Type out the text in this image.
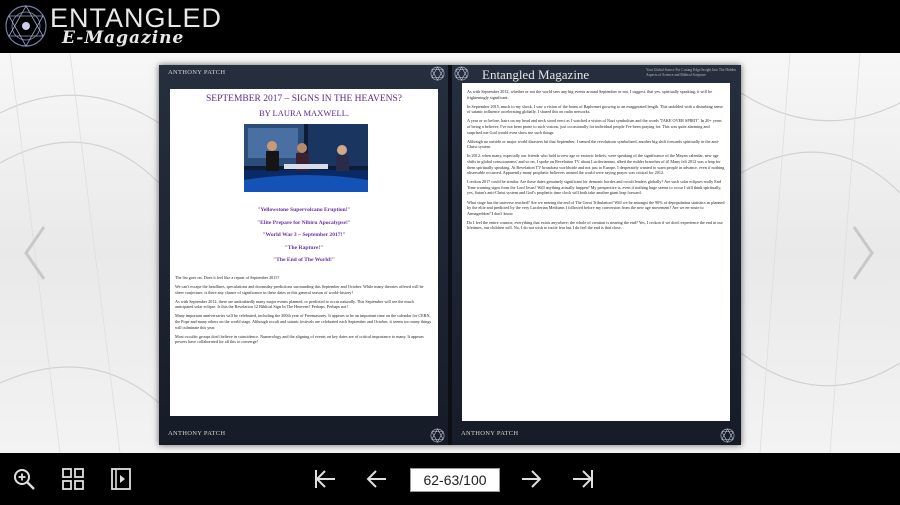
ENTANGLED
E-Magazine
ANTHONY PATCH
SEPTEMBER 2017 – SIGNS IN THE HEAVENS?
BY LAURA MAXWELL.
"Yellowstone Supervolcano Eruption!"
"Elite Prepare for Nibiru Apocalypse!"
"World War 3 – September 2017!"
"The Rapture!"
"The End of The World!"

The list goes on. Does it feel like a repeat of September 2015?

We can't escape the headlines, speculations and doomsday predictions surrounding this September and October. While many theories offered will be sheer conjecture, is there any chance of significance in these dates or this general season of world-history?

As with September 2012, there are undoubtedly many major events planned, or predicted to occur naturally. This September will see the much anticipated solar eclipse. Is this the Revelation 12 Biblical Sign In The Heavens? Perhaps. Perhaps not!

Many important anniversaries will be celebrated, including the 300th year of Freemasonry. It appears to be an important time on the calendar for CERN, the Pope and many others on the world stage. Although occult and satanic festivals are celebrated each September and October, it seems too many things will culminate this year.

Most occultic groups don't believe in coincidence. Numerology and the aligning of events on key dates are of critical importance to many. It appears powers have collaborated for all this to converge!

ANTHONY PATCH
Entangled Magazine	Your Global Source For Cutting Edge Insight Into The Hidden Aspects of Science and Biblical Scripture

As with September 2012, whether or not the world sees any big events around September or not, I suggest, that yes, spiritually speaking, it will be frighteningly significant.

In September 2015, much to my shock, I saw a vision of the horns of Baphomet growing to an exaggerated length. This unfolded with a disturbing sense of satanic influence accelerating globally. I shared this on radio networks.

A year or so before, hairs on my head and neck stood erect as I watched a vision of Nazi symbolism and the words 'TAKE OVER SPIRIT'. In 20+ years of being a believer, I've not been prone to such visions, just occasionally for individual people I've been praying for. This was quite alarming and surprised me God would even show me such things.

Although no outside or major world disasters hit that September, I sensed the revolutions symbolized, another big shift forwards spiritually in the anti-Christ system.

In 2012, when many, especially our friends who hold to new age or esoteric beliefs, were speaking of the significance of the Mayan calendar, new age shifts in global consciousness' and so on, I spoke on Revelation TV about Luciferianism, albeit the milder branches of it! Many felt 2012 was a leap for them spiritually speaking. At Revelation TV broadcast worldwide and not just to Europe, I desperately wanted to warn people in advance, even if nothing observable occurred. Apparently many prophetic believers around the world were saying prayer was critical for 2012.

I reckon 2017 could be similar. Are these dates genuinely significant for demonic hordes and occult leaders globally? Are such solar eclipses really End Time warning signs from the Lord Jesus? Will anything actually happen? My perspective is, even if nothing huge seems to occur I still think spiritually, yes, Satan's anti-Christ system and God's prophetic time clock will both take another giant leap forward.

What stage has the universe reached? Are we nearing the end of The Great Tribulation? Will we be amongst the 90% of depopulation statistics as planned by the elite and predicted by the very Luciferian Mediums I followed before my conversion from the new age movement? Are we en-route to Armageddon? I don't know.

Do I feel the entire cosmos; everything that exists anywhere; the whole of creation is nearing the end? Yes, I reckon if we don't experience the end in our lifetimes, our children will. No, I do not wish to incite fear but I do feel the end is that close.

ANTHONY PATCH
62-63/100
